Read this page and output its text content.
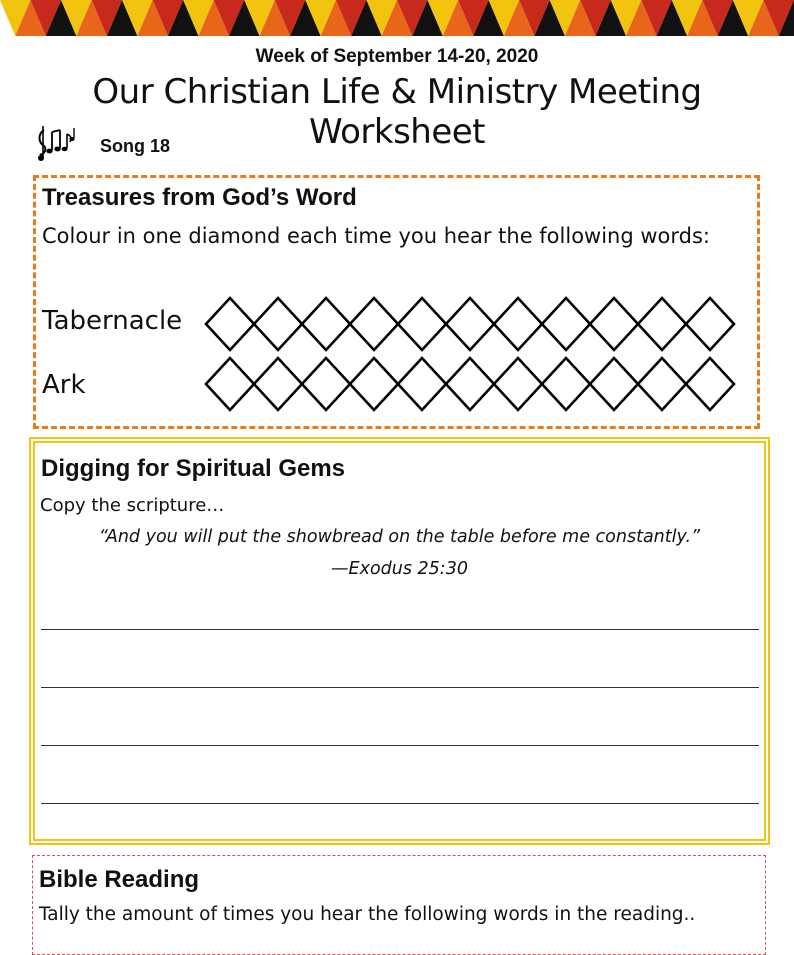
Week of September 14-20, 2020
Our Christian Life & Ministry Meeting Worksheet
Song 18
Treasures from God’s Word
Colour in one diamond each time you hear the following words:
Tabernacle
Ark
Digging for Spiritual Gems
Copy the scripture…
“And you will put the showbread on the table before me constantly.”
—Exodus 25:30
Bible Reading
Tally the amount of times you hear the following words in the reading..
